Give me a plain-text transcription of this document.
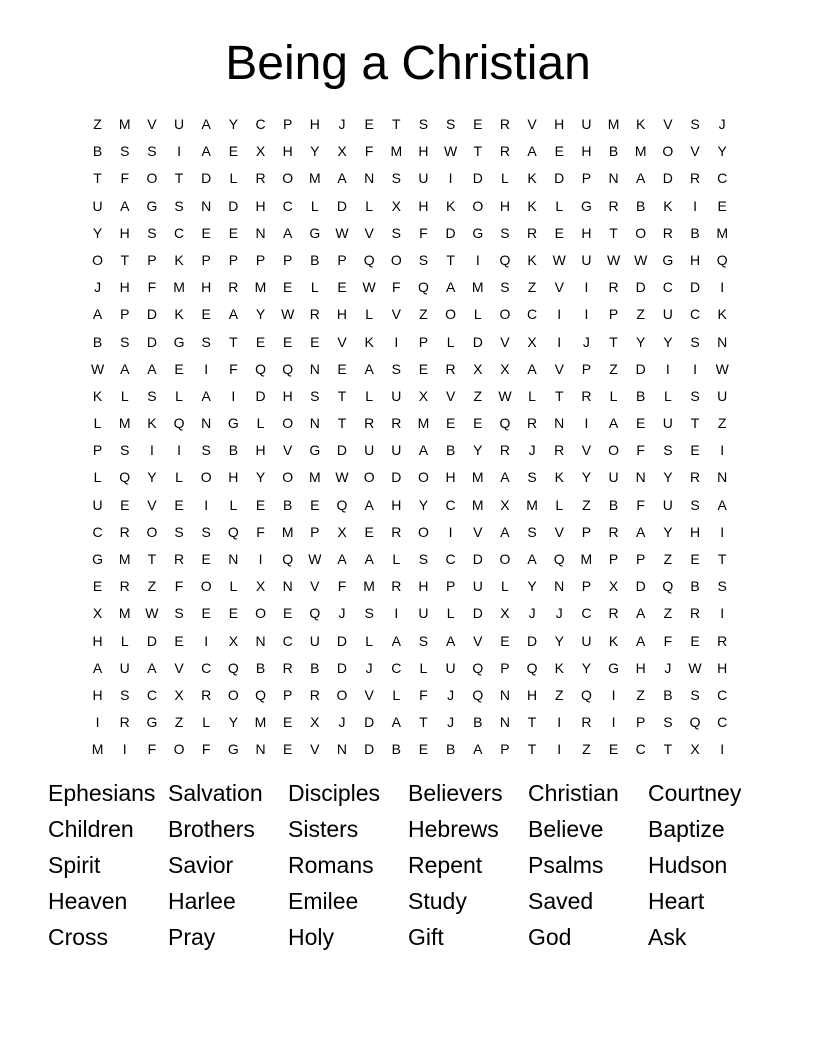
Being a Christian
Z	M	V	U	A	Y	C	P	H	J	E	T	S	S	E	R	V	H	U	M	K	V	S	J
B	S	S	I	A	E	X	H	Y	X	F	M	H	W	T	R	A	E	H	B	M	O	V	Y
T	F	O	T	D	L	R	O	M	A	N	S	U	I	D	L	K	D	P	N	A	D	R	C
U	A	G	S	N	D	H	C	L	D	L	X	H	K	O	H	K	L	G	R	B	K	I	E
Y	H	S	C	E	E	N	A	G	W	V	S	F	D	G	S	R	E	H	T	O	R	B	M
O	T	P	K	P	P	P	P	B	P	Q	O	S	T	I	Q	K	W	U	W W	G	H	Q
J	H	F	M	H	R	M	E	L	E	W	F	Q	A	M	S	Z	V	I	R	D	C	D	I
A	P	D	K	E	A	Y	W	R	H	L	V	Z	O	L	O	C	I	I	P	Z	U	C	K
B	S	D	G	S	T	E	E	E	V	K	I	P	L	D	V	X	I	J	T	Y	Y	S	N
W	A	A	E	I	F	Q	Q	N	E	A	S	E	R	X	X	A	V	P	Z	D	I	I	W
K	L	S	L	A	I	D	H	S	T	L	U	X	V	Z	W	L	T	R	L	B	L	S	U
L	M	K	Q	N	G	L	O	N	T	R	R	M	E	E	Q	R	N	I	A	E	U	T	Z
P	S	I	I	S	B	H	V	G	D	U	U	A	B	Y	R	J	R	V	O	F	S	E	I
L	Q	Y	L	O	H	Y	O	M	W	O	D	O	H	M	A	S	K	Y	U	N	Y	R	N
U	E	V	E	I	L	E	B	E	Q	A	H	Y	C	M	X	M	L	Z	B	F	U	S	A
C	R	O	S	S	Q	F	M	P	X	E	R	O	I	V	A	S	V	P	R	A	Y	H	I
G	M	T	R	E	N	I	Q	W	A	A	L	S	C	D	O	A	Q	M	P	P	Z	E	T
E	R	Z	F	O	L	X	N	V	F	M	R	H	P	U	L	Y	N	P	X	D	Q	B	S
X	M	W	S	E	E	O	E	Q	J	S	I	U	L	D	X	J	J	C	R	A	Z	R	I
H	L	D	E	I	X	N	C	U	D	L	A	S	A	V	E	D	Y	U	K	A	F	E	R
A	U	A	V	C	Q	B	R	B	D	J	C	L	U	Q	P	Q	K	Y	G	H	J	W	H
H	S	C	X	R	O	Q	P	R	O	V	L	F	J	Q	N	H	Z	Q	I	Z	B	S	C
I	R	G	Z	L	Y	M	E	X	J	D	A	T	J	B	N	T	I	R	I	P	S	Q	C
M	I	F	O	F	G	N	E	V	N	D	B	E	B	A	P	T	I	Z	E	C	T	X	I
Ephesians Salvation	Disciples	Believers	Christian	Courtney
Children	Brothers	Sisters	Hebrews	Believe	Baptize
Spirit	Savior	Romans	Repent	Psalms	Hudson
Heaven	Harlee	Emilee	Study	Saved	Heart
Cross	Pray	Holy	Gift	God	Ask
